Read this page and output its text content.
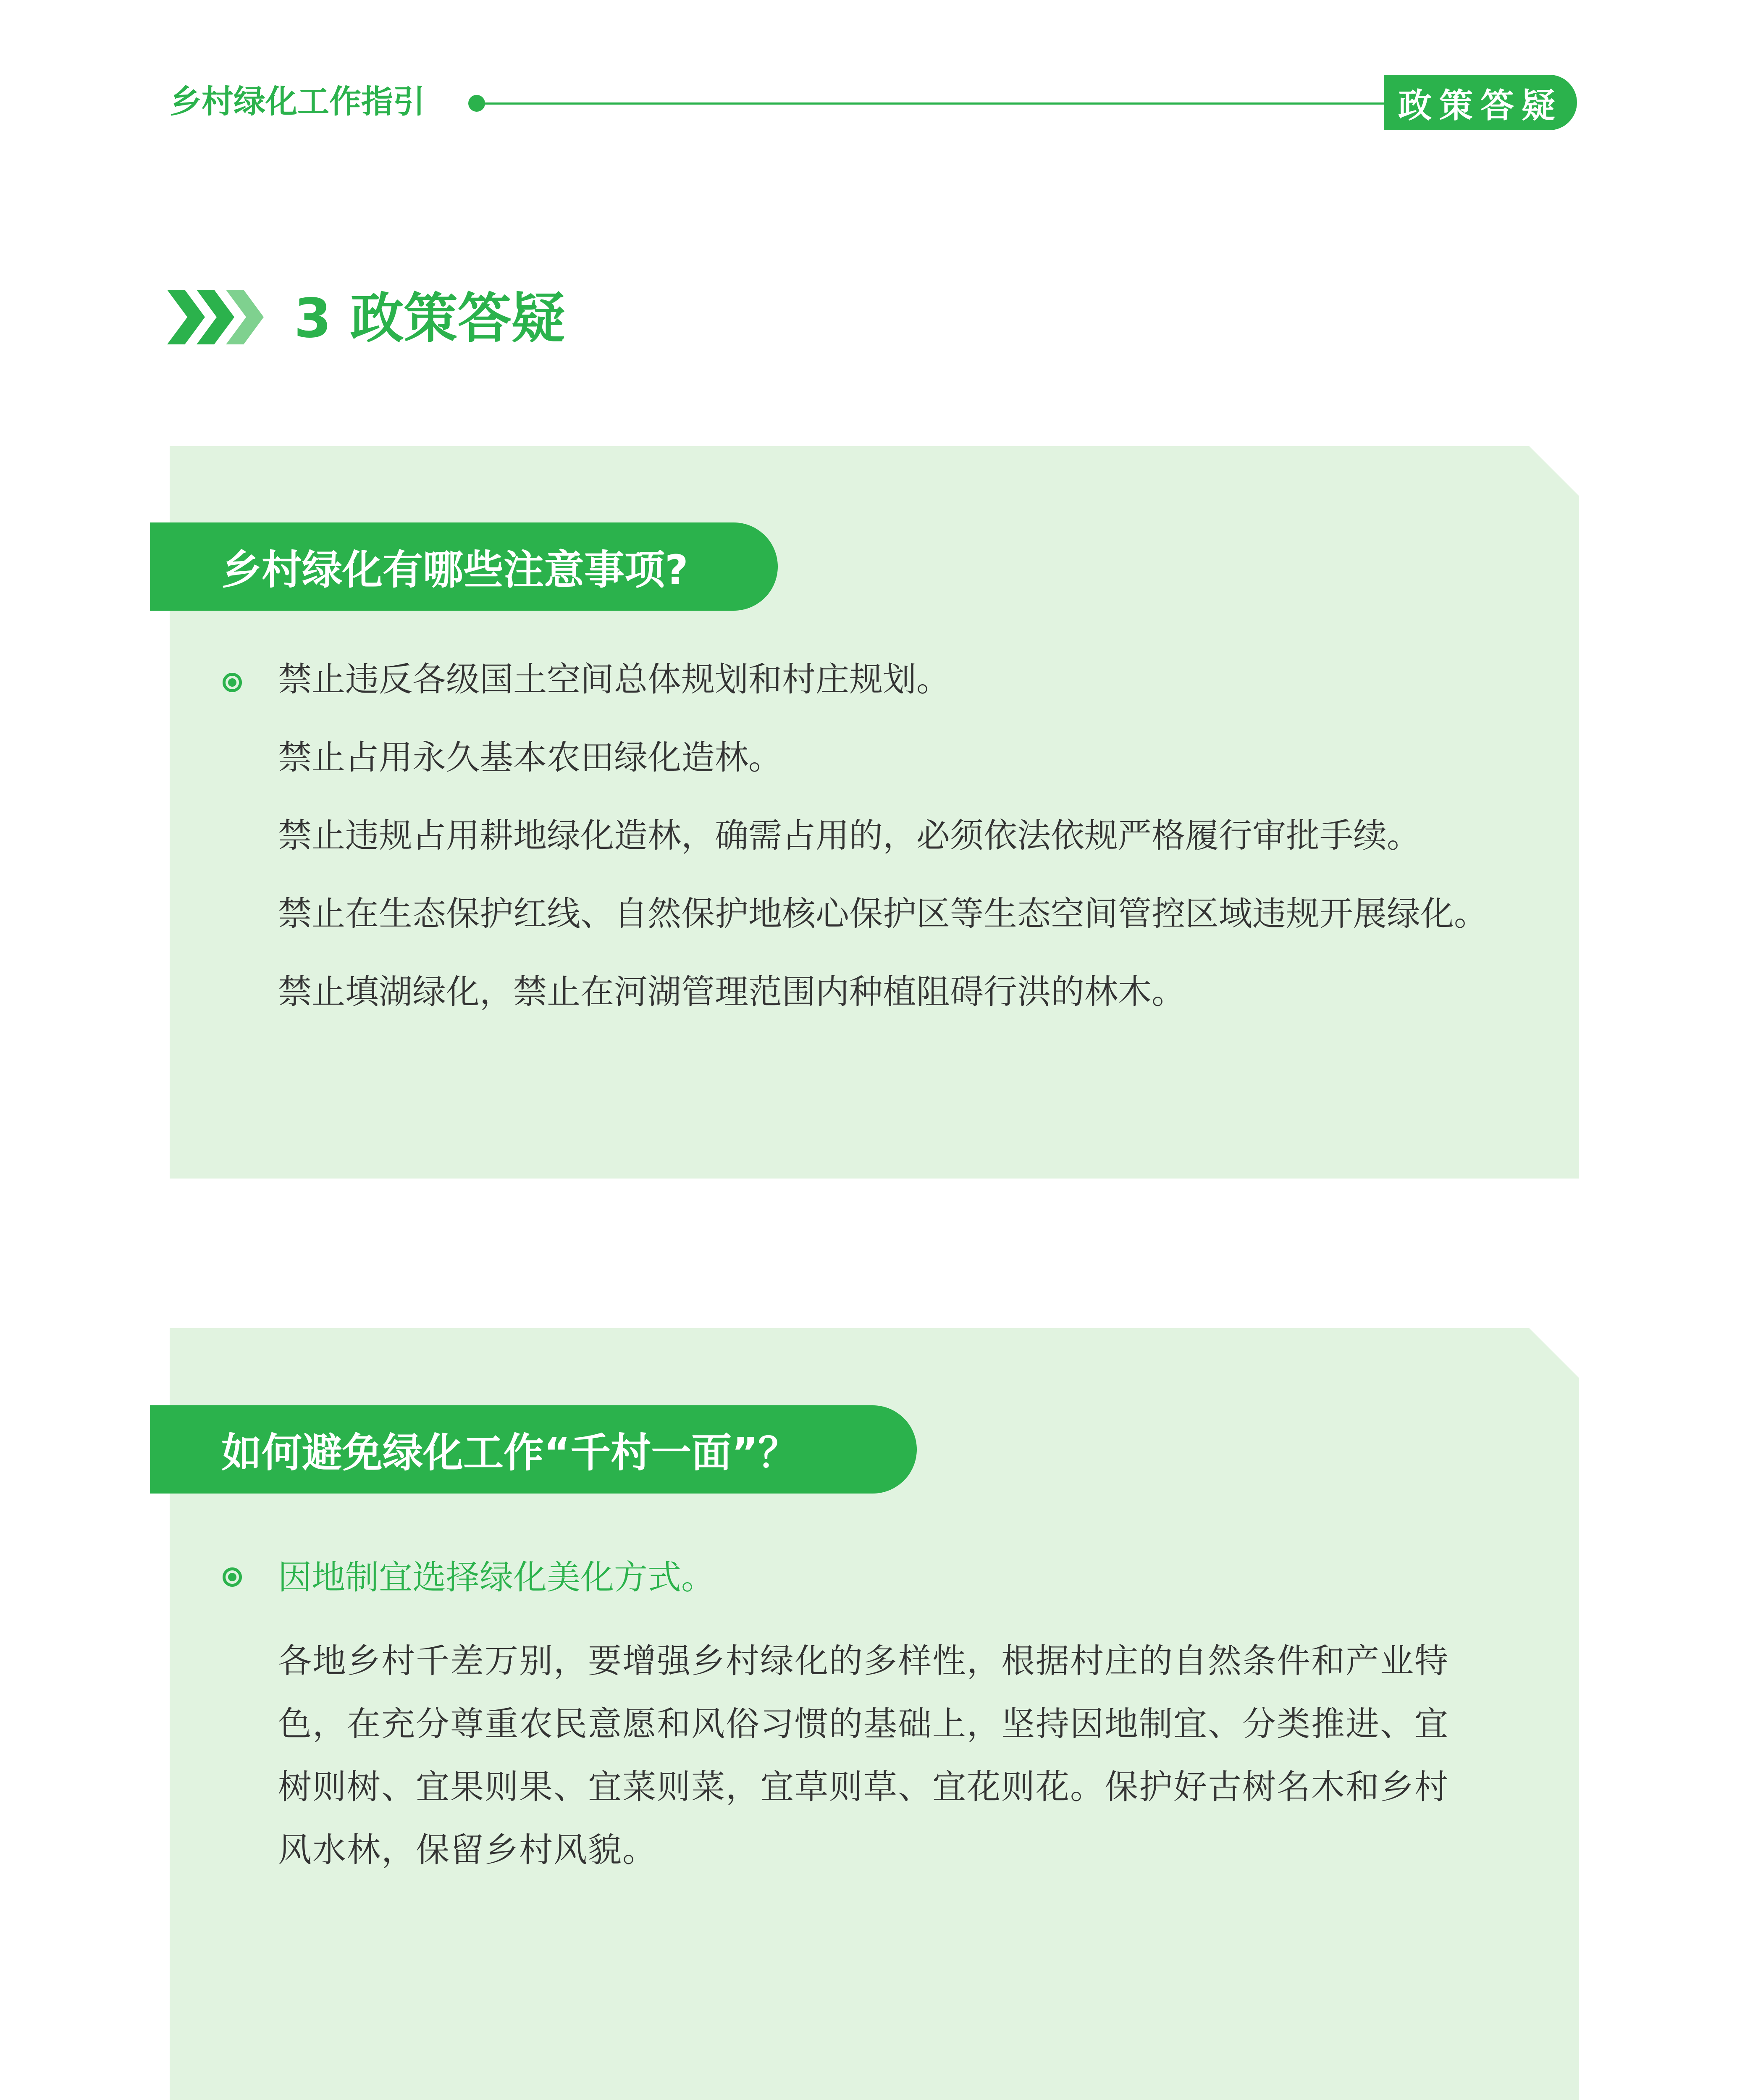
乡村绿化工作指引	政策答疑
3 政策答疑
乡村绿化有哪些注意事项?
禁止违反各级国土空间总体规划和村庄规划。
禁止占用永久基本农田绿化造林。
禁止违规占用耕地绿化造林，确需占用的，必须依法依规严格履行审批手续。
禁止在生态保护红线、自然保护地核心保护区等生态空间管控区域违规开展绿化。
禁止填湖绿化，禁止在河湖管理范围内种植阻碍行洪的林木。
如何避免绿化工作“千村一面”？
因地制宜选择绿化美化方式。

各地乡村千差万别，要增强乡村绿化的多样性，根据村庄的自然条件和产业特色，在充分尊重农民意愿和风俗习惯的基础上，坚持因地制宜、分类推进、宜树则树、宜果则果、宜菜则菜，宜草则草、宜花则花。保护好古树名木和乡村风水林，保留乡村风貌。
